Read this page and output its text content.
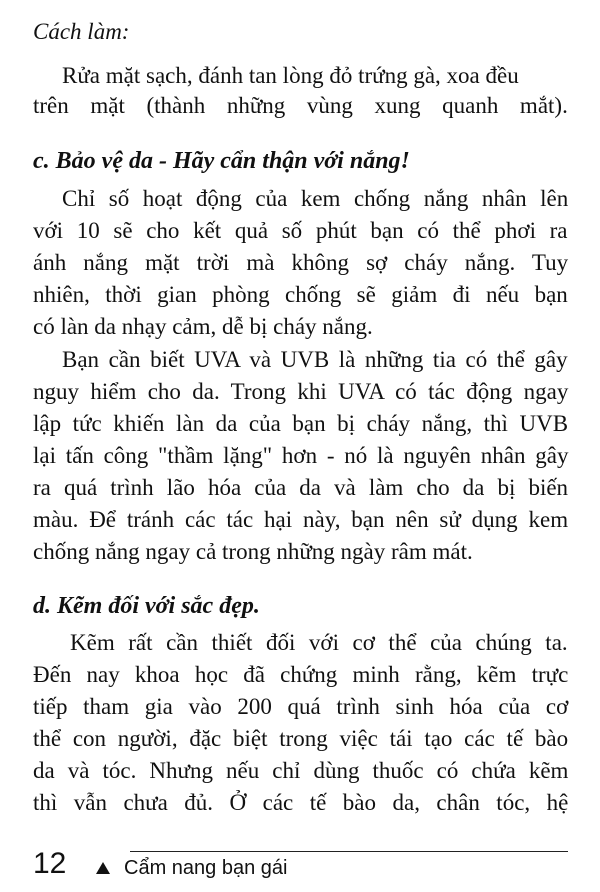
Cách làm:
Rửa mặt sạch, đánh tan lòng đỏ trứng gà, xoa đều
trên mặt (thành những vùng xung quanh mắt).
c. Bảo vệ da - Hãy cẩn thận với nắng!
Chỉ số hoạt động của kem chống nắng nhân lên
với 10 sẽ cho kết quả số phút bạn có thể phơi ra
ánh nắng mặt trời mà không sợ cháy nắng. Tuy
nhiên, thời gian phòng chống sẽ giảm đi nếu bạn
có làn da nhạy cảm, dễ bị cháy nắng.
Bạn cần biết UVA và UVB là những tia có thể gây
nguy hiểm cho da. Trong khi UVA có tác động ngay
lập tức khiến làn da của bạn bị cháy nắng, thì UVB
lại tấn công "thầm lặng" hơn - nó là nguyên nhân gây
ra quá trình lão hóa của da và làm cho da bị biến
màu. Để tránh các tác hại này, bạn nên sử dụng kem
chống nắng ngay cả trong những ngày râm mát.
d. Kẽm đối với sắc đẹp.
Kẽm rất cần thiết đối với cơ thể của chúng ta.
Đến nay khoa học đã chứng minh rằng, kẽm trực
tiếp tham gia vào 200 quá trình sinh hóa của cơ
thể con người, đặc biệt trong việc tái tạo các tế bào
da và tóc. Nhưng nếu chỉ dùng thuốc có chứa kẽm
thì vẫn chưa đủ. Ở các tế bào da, chân tóc, hệ
12	Cẩm nang bạn gái
